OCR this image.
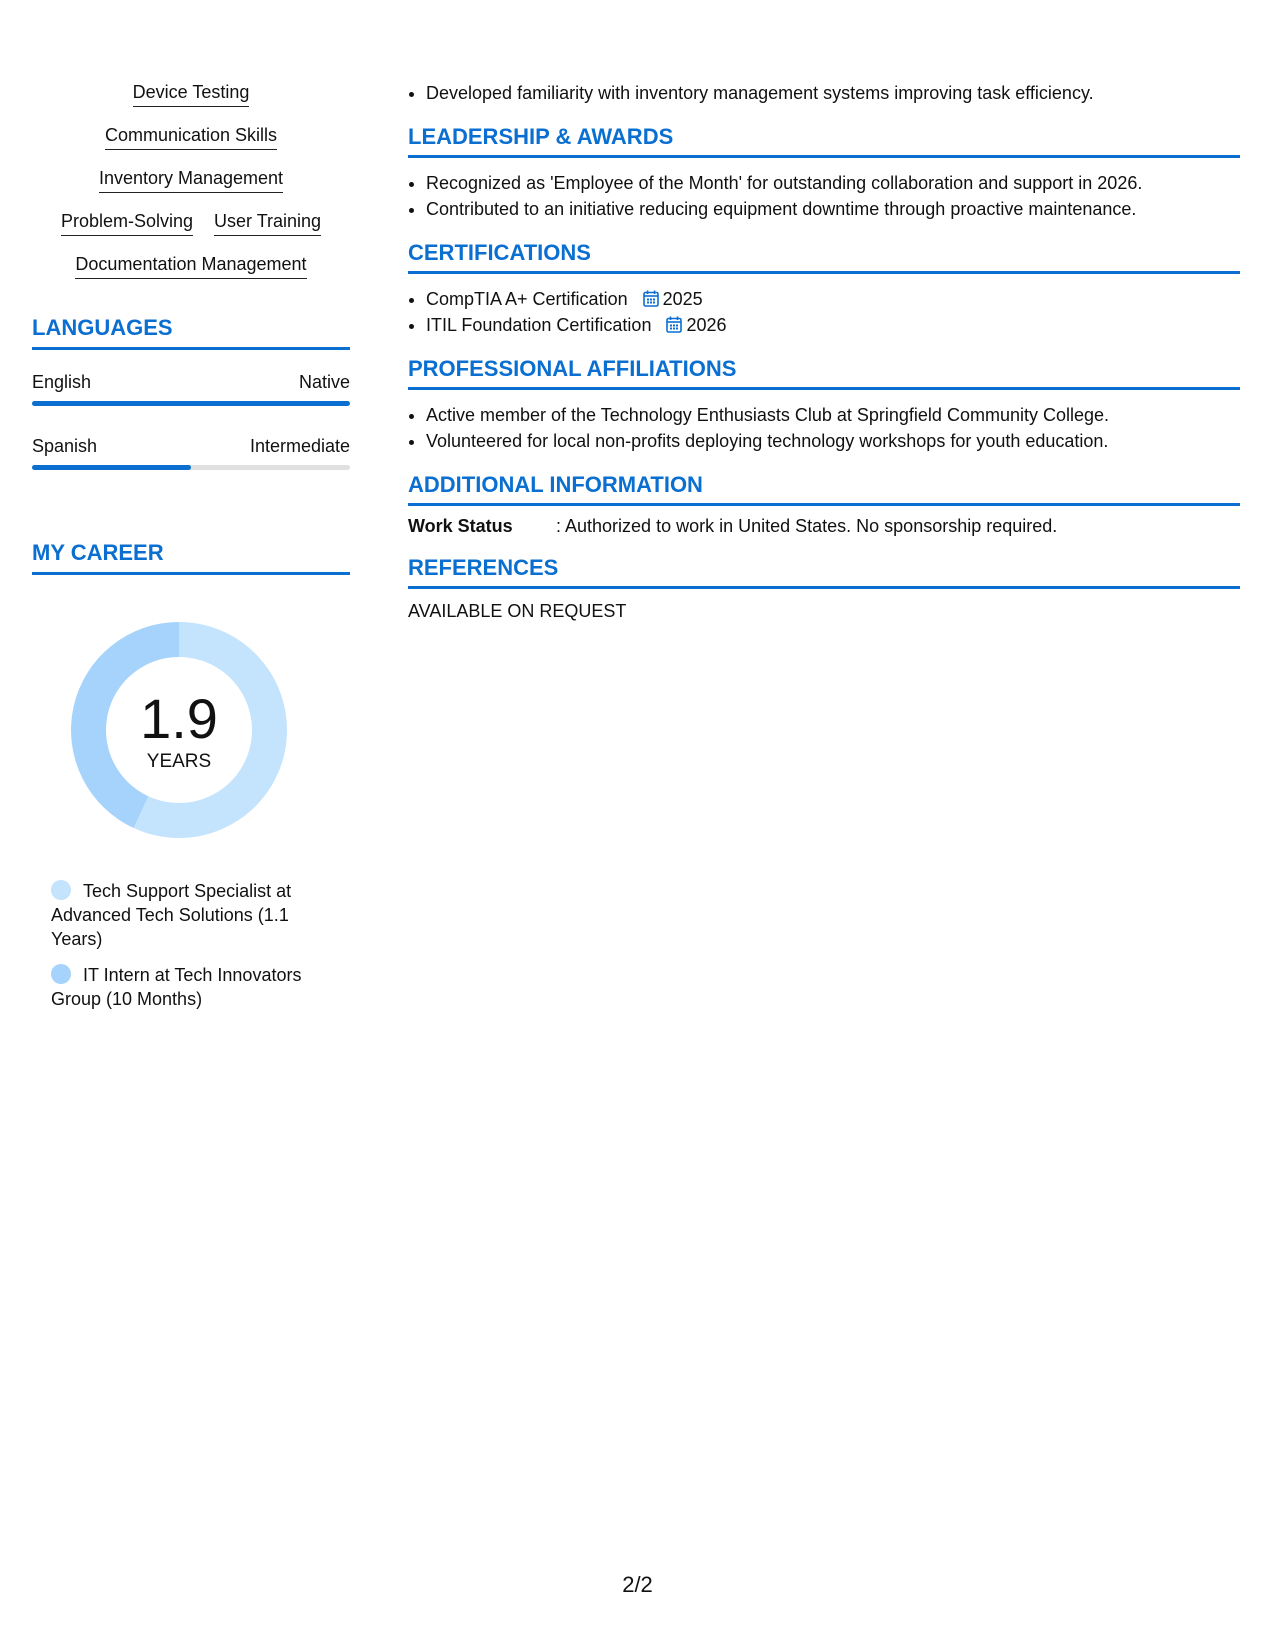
Device Testing
Communication Skills
Inventory Management
Problem-Solving User Training
Documentation Management
LANGUAGES
English	Native
Spanish	Intermediate
MY CAREER
1.9
YEARS
Tech Support Specialist at Advanced Tech Solutions (1.1 Years)
IT Intern at Tech Innovators Group (10 Months)
• Developed familiarity with inventory management systems improving task efficiency.
LEADERSHIP & AWARDS
• Recognized as 'Employee of the Month' for outstanding collaboration and support in 2026.
• Contributed to an initiative reducing equipment downtime through proactive maintenance.
CERTIFICATIONS
• CompTIA A+ Certification 2025
• ITIL Foundation Certification 2026
PROFESSIONAL AFFILIATIONS
• Active member of the Technology Enthusiasts Club at Springfield Community College.
• Volunteered for local non-profits deploying technology workshops for youth education.
ADDITIONAL INFORMATION
Work Status	: Authorized to work in United States. No sponsorship required.
REFERENCES
AVAILABLE ON REQUEST
2/2
